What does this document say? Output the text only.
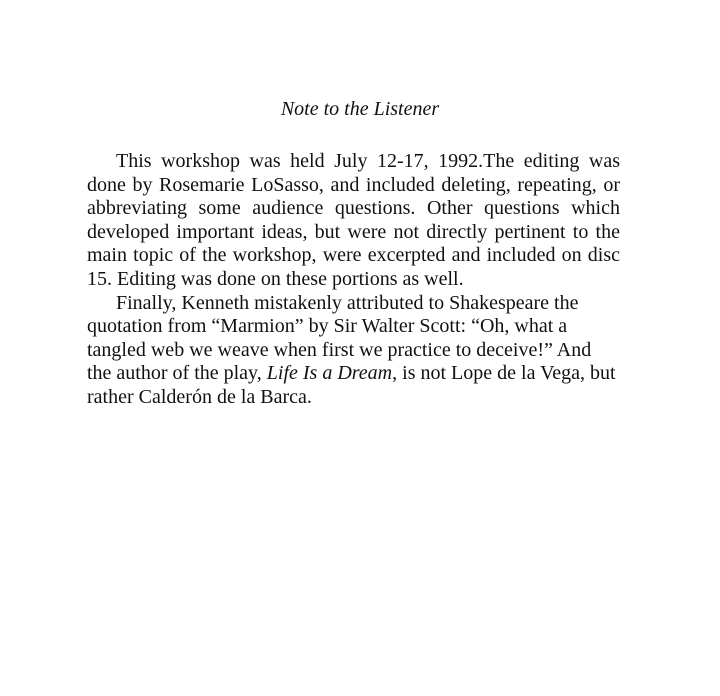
Note to the Listener

This workshop was held July 12-17, 1992.The editing was done by Rosemarie LoSasso, and included deleting, repeating, or abbreviating some audience questions. Other questions which developed important ideas, but were not directly pertinent to the main topic of the workshop, were excerpted and included on disc 15. Editing was done on these portions as well.

Finally, Kenneth mistakenly attributed to Shakespeare the
quotation from “Marmion” by Sir Walter Scott: “Oh, what a
tangled web we weave when first we practice to deceive!” And
the author of the play, Life Is a Dream, is not Lope de la Vega, but
rather Calderón de la Barca.
